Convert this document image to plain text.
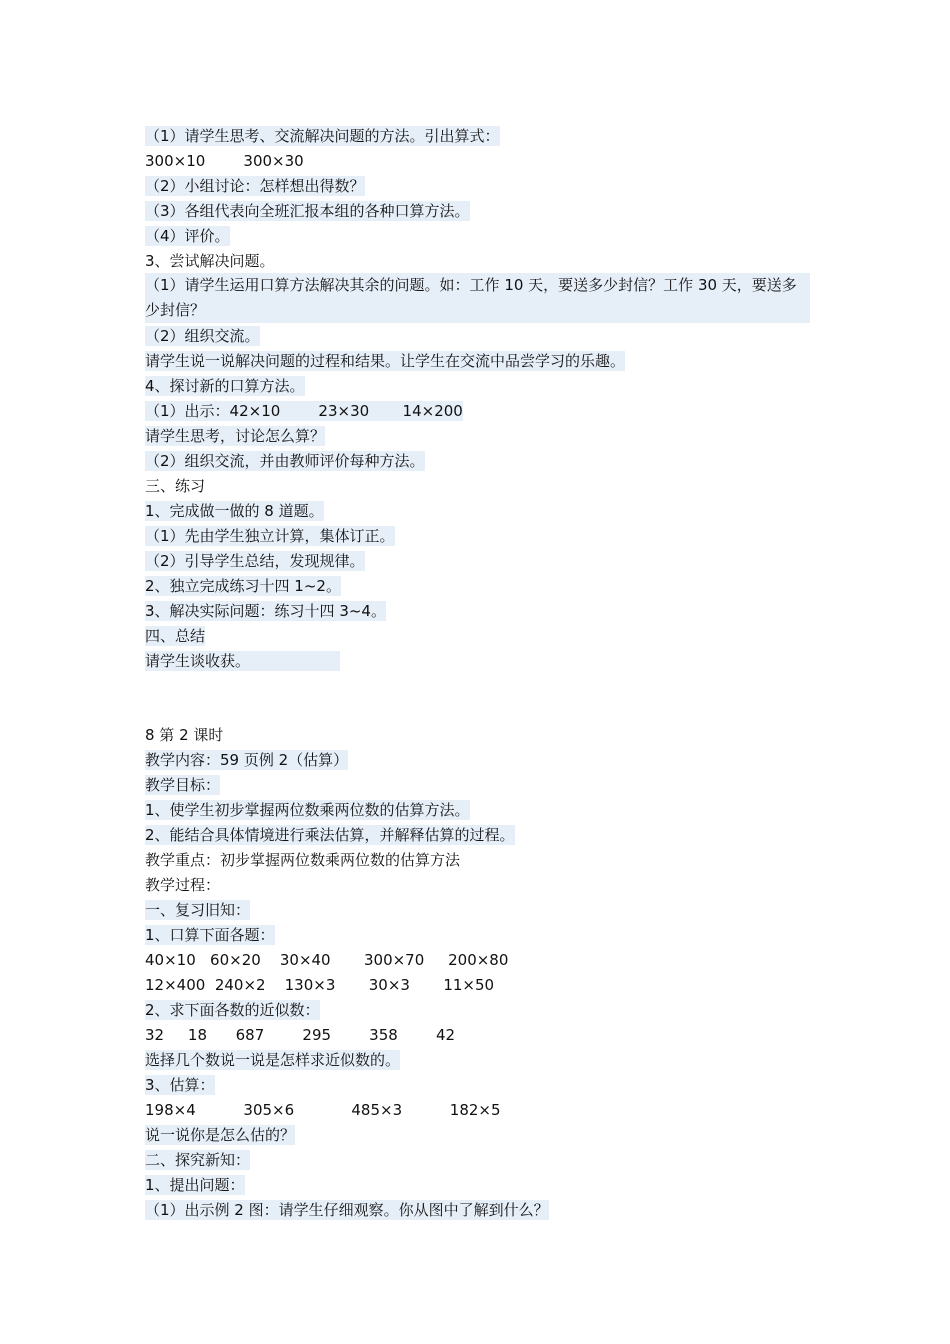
（1）请学生思考、交流解决问题的方法。引出算式：
300×10        300×30
（2）小组讨论：怎样想出得数？
（3）各组代表向全班汇报本组的各种口算方法。
（4）评价。
3、尝试解决问题。
（1）请学生运用口算方法解决其余的问题。如：工作 10 天，要送多少封信？工作 30 天，要送多少封信？
（2）组织交流。
请学生说一说解决问题的过程和结果。让学生在交流中品尝学习的乐趣。
4、探讨新的口算方法。
（1）出示：42×10        23×30       14×200
请学生思考，讨论怎么算？
（2）组织交流，并由教师评价每种方法。
三、练习
1、完成做一做的 8 道题。
（1）先由学生独立计算，集体订正。
（2）引导学生总结，发现规律。
2、独立完成练习十四 1~2。
3、解决实际问题：练习十四 3~4。
四、总结
请学生谈收获。
8 第 2 课时
教学内容：59 页例 2（估算）
教学目标：
1、使学生初步掌握两位数乘两位数的估算方法。
2、能结合具体情境进行乘法估算，并解释估算的过程。
教学重点：初步掌握两位数乘两位数的估算方法
教学过程：
一、复习旧知：
1、口算下面各题：
40×10   60×20    30×40       300×70     200×80
12×400  240×2    130×3       30×3       11×50
2、求下面各数的近似数：
32     18      687        295        358        42
选择几个数说一说是怎样求近似数的。
3、估算：
198×4          305×6            485×3          182×5
说一说你是怎么估的？
二、探究新知：
1、提出问题：
（1）出示例 2 图：请学生仔细观察。你从图中了解到什么？
